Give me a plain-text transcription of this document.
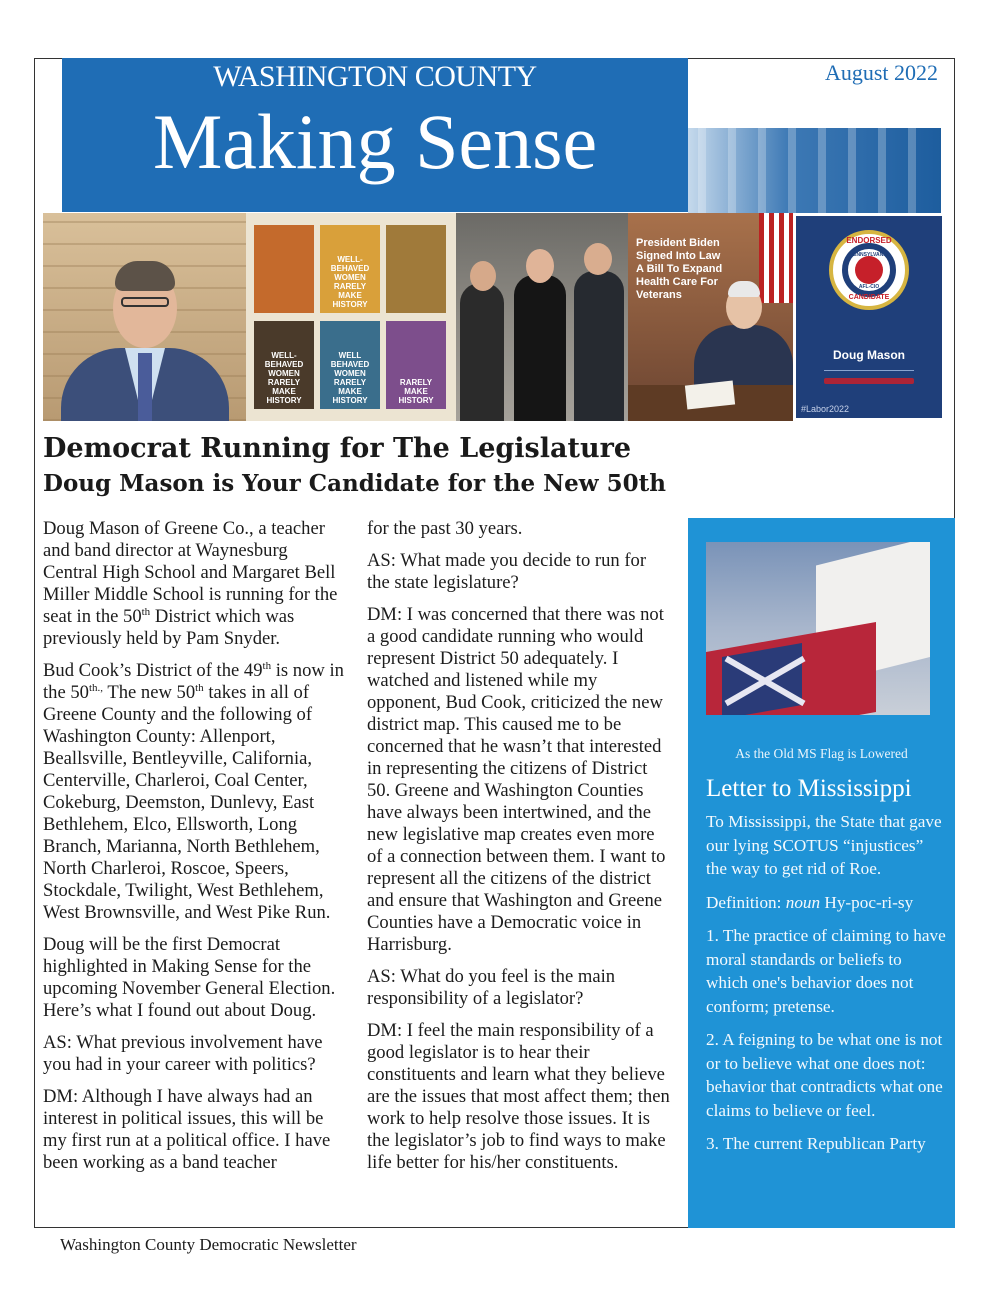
WASHINGTON COUNTY
Making Sense
August 2022
WELL-BEHAVED WOMEN RARELY MAKE HISTORY
WELL-BEHAVED WOMEN RARELY MAKE HISTORY
WELL BEHAVED WOMEN RARELY MAKE HISTORY
RARELY MAKE HISTORY
President Biden Signed Into Law A Bill To Expand Health Care For Veterans
ENDORSED
PENNSYLVANIA
AFL-CIO
CANDIDATE
Doug Mason
#Labor2022
Democrat Running for The Legislature
Doug Mason is Your Candidate for the New 50th

Doug Mason of Greene Co., a teacher and band director at Waynesburg Central High School and Margaret Bell Miller Middle School is running for the seat in the 50th District which was previously held by Pam Snyder.

Bud Cook’s District of the 49th is now in the $50^{th.,}$ The new 50th takes in all of Greene County and the following of Washington County: Allenport, Beallsville, Bentleyville, California, Centerville, Charleroi, Coal Center, Cokeburg, Deemston, Dunlevy, East Bethlehem, Elco, Ellsworth, Long Branch, Marianna, North Bethlehem, North Charleroi, Roscoe, Speers, Stockdale, Twilight, West Bethlehem, West Brownsville, and West Pike Run.

Doug will be the first Democrat highlighted in Making Sense for the upcoming November General Election. Here’s what I found out about Doug.

AS: What previous involvement have you had in your career with politics?

DM: Although I have always had an interest in political issues, this will be my first run at a political office. I have been working as a band teacher

for the past 30 years.

AS: What made you decide to run for the state legislature?

DM: I was concerned that there was not a good candidate running who would represent District 50 adequately. I watched and listened while my opponent, Bud Cook, criticized the new district map. This caused me to be concerned that he wasn’t that interested in representing the citizens of District 50. Greene and Washington Counties have always been intertwined, and the new legislative map creates even more of a connection between them. I want to represent all the citizens of the district and ensure that Washington and Greene Counties have a Democratic voice in Harrisburg.

AS: What do you feel is the main responsibility of a legislator?

DM: I feel the main responsibility of a good legislator is to hear their constituents and learn what they believe are the issues that most affect them; then work to help resolve those issues. It is the legislator’s job to find ways to make life better for his/her constituents.

As the Old MS Flag is Lowered
Letter to Mississippi

To Mississippi, the State that gave our lying SCOTUS “injustices” the way to get rid of Roe.

Definition: noun Hy-poc-ri-sy

1. The practice of claiming to have moral standards or beliefs to which one's behavior does not conform; pretense.

2. A feigning to be what one is not or to believe what one does not: behavior that contradicts what one claims to believe or feel.

3. The current Republican Party

Washington County Democratic Newsletter
